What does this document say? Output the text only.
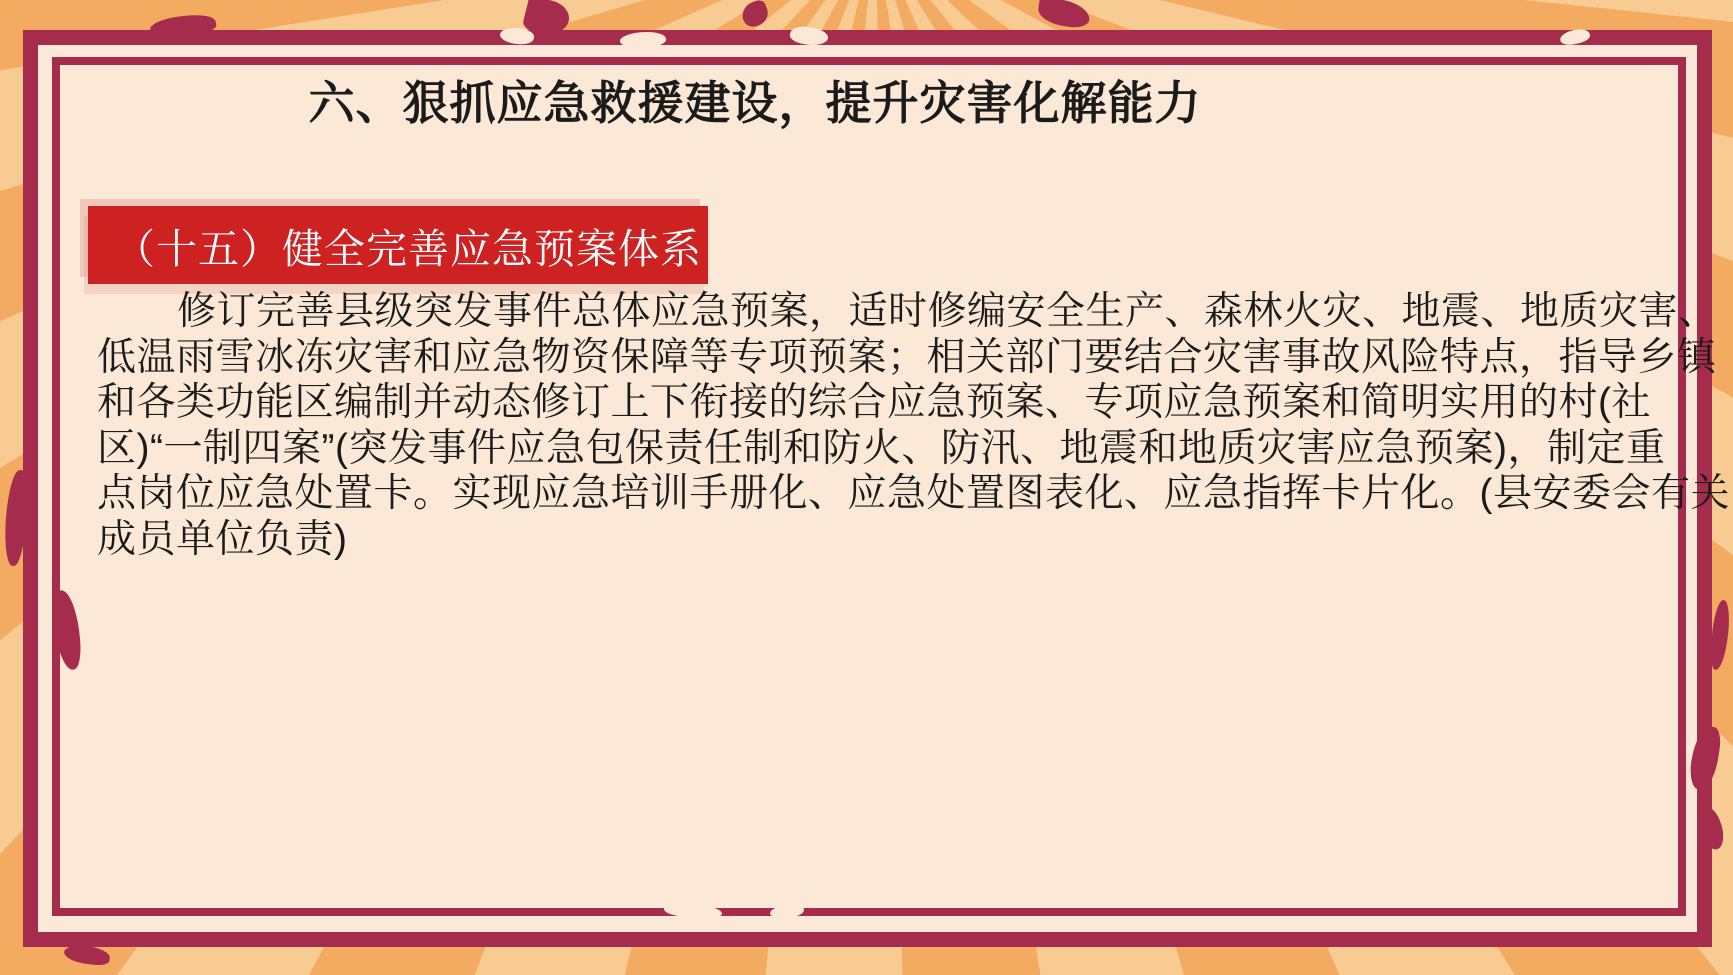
六、狠抓应急救援建设，提升灾害化解能力
（十五）健全完善应急预案体系
修订完善县级突发事件总体应急预案，适时修编安全生产、森林火灾、地震、地质灾害、
低温雨雪冰冻灾害和应急物资保障等专项预案；相关部门要结合灾害事故风险特点，指导乡镇
和各类功能区编制并动态修订上下衔接的综合应急预案、专项应急预案和简明实用的村(社
区)“一制四案”(突发事件应急包保责任制和防火、防汛、地震和地质灾害应急预案)，制定重
点岗位应急处置卡。实现应急培训手册化、应急处置图表化、应急指挥卡片化。(县安委会有关
成员单位负责)
